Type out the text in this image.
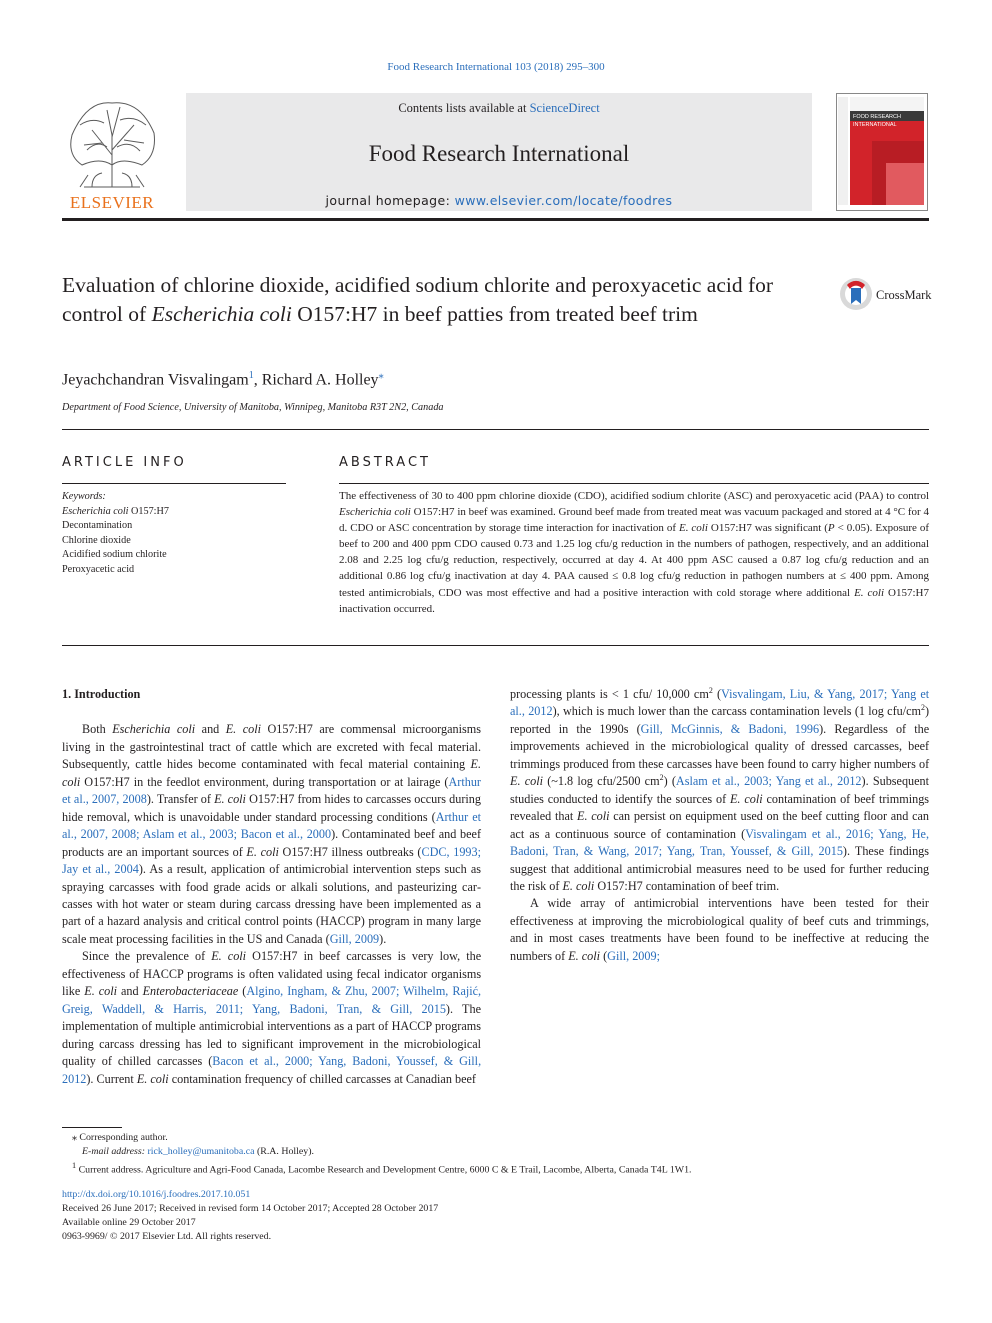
Food Research International 103 (2018) 295–300
ELSEVIER
Contents lists available at ScienceDirect
Food Research International
journal homepage: www.elsevier.com/locate/foodres
FOOD RESEARCH
INTERNATIONAL
Evaluation of chlorine dioxide, acidified sodium chlorite and peroxyacetic acid for control of Escherichia coli O157:H7 in beef patties from treated beef trim
CrossMark
Jeyachchandran Visvalingam$^1$, Richard A. Holley⁎
Department of Food Science, University of Manitoba, Winnipeg, Manitoba R3T 2N2, Canada
ARTICLE INFO
Keywords:
Escherichia coli O157:H7
Decontamination
Chlorine dioxide
Acidified sodium chlorite
Peroxyacetic acid
ABSTRACT
The effectiveness of 30 to 400 ppm chlorine dioxide (CDO), acidified sodium chlorite (ASC) and peroxyacetic acid (PAA) to control Escherichia coli O157:H7 in beef was examined. Ground beef made from treated meat was vacuum packaged and stored at 4 °C for 4 d. CDO or ASC concentration by storage time interaction for inactivation of E. coli O157:H7 was significant (P < 0.05). Exposure of beef to 200 and 400 ppm CDO caused 0.73 and 1.25 log cfu/g reduction in the numbers of pathogen, respectively, and an additional 2.08 and 2.25 log cfu/g reduction, respectively, occurred at day 4. At 400 ppm ASC caused a 0.87 log cfu/g reduction and an additional 0.86 log cfu/g inactivation at day 4. PAA caused ≤ 0.8 log cfu/g reduction in pathogen numbers at ≤ 400 ppm. Among tested antimicrobials, CDO was most effective and had a positive interaction with cold storage where additional E. coli O157:H7 inactivation occurred.

1. Introduction

Both Escherichia coli and E. coli O157:H7 are commensal microorganisms living in the gastrointestinal tract of cattle which are excreted with fecal material. Subsequently, cattle hides become contaminated with fecal material containing E. coli O157:H7 in the feedlot environment, during transportation or at lairage (Arthur et al., 2007, 2008). Transfer of E. coli O157:H7 from hides to carcasses occurs during hide removal, which is unavoidable under standard processing conditions (Arthur et al., 2007, 2008; Aslam et al., 2003; Bacon et al., 2000). Contaminated beef and beef products are an important sources of E. coli O157:H7 illness outbreaks (CDC, 1993; Jay et al., 2004). As a result, application of antimicrobial intervention steps such as spraying carcasses with food grade acids or alkali solutions, and pasteurizing carcasses with hot water or steam during carcass dressing have been implemented as a part of a hazard analysis and critical control points (HACCP) program in many large scale meat processing facilities in the US and Canada (Gill, 2009).

Since the prevalence of E. coli O157:H7 in beef carcasses is very low, the effectiveness of HACCP programs is often validated using fecal indicator organisms like E. coli and Enterobacteriaceae (Algino, Ingham, & Zhu, 2007; Wilhelm, Rajić, Greig, Waddell, & Harris, 2011; Yang, Badoni, Tran, & Gill, 2015). The implementation of multiple antimicrobial interventions as a part of HACCP programs during carcass dressing has led to significant improvement in the microbiological quality of chilled carcasses (Bacon et al., 2000; Yang, Badoni, Youssef, & Gill, 2012). Current E. coli contamination frequency of chilled carcasses at Canadian beef

processing plants is < 1 cfu/ 10,000 $cm^2$ (Visvalingam, Liu, & Yang, 2017; Yang et al., 2012), which is much lower than the carcass contamination levels (1 log cfu/$cm^2$) reported in the 1990s (Gill, McGinnis, & Badoni, 1996). Regardless of the improvements achieved in the microbiological quality of dressed carcasses, beef trimmings produced from these carcasses have been found to carry higher numbers of E. coli (~1.8 log cfu/2500 $cm^2$) (Aslam et al., 2003; Yang et al., 2012). Subsequent studies conducted to identify the sources of E. coli contamination of beef trimmings revealed that E. coli can persist on equipment used on the beef cutting floor and can act as a continuous source of contamination (Visvalingam et al., 2016; Yang, He, Badoni, Tran, & Wang, 2017; Yang, Tran, Youssef, & Gill, 2015). These findings suggest that additional antimicrobial measures need to be used for further reducing the risk of E. coli O157:H7 contamination of beef trim.

A wide array of antimicrobial interventions have been tested for their effectiveness at improving the microbiological quality of beef cuts and trimmings, and in most cases treatments have been found to be ineffective at reducing the numbers of E. coli (Gill, 2009;

⁎ Corresponding author.
E-mail address: rick_holley@umanitoba.ca (R.A. Holley).
$^1$ Current address. Agriculture and Agri-Food Canada, Lacombe Research and Development Centre, 6000 C & E Trail, Lacombe, Alberta, Canada T4L 1W1.
http://dx.doi.org/10.1016/j.foodres.2017.10.051
Received 26 June 2017; Received in revised form 14 October 2017; Accepted 28 October 2017
Available online 29 October 2017
0963-9969/ © 2017 Elsevier Ltd. All rights reserved.
